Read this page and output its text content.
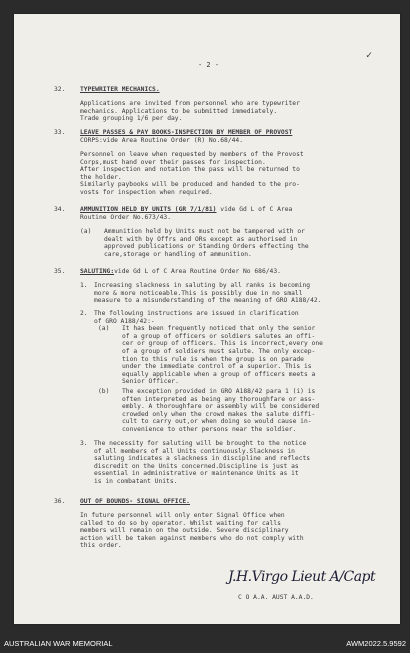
- 2 -
✓
32. TYPEWRITER MECHANICS.
Applications are invited from personnel who are typewriter
mechanics. Applications to be submitted immediately.
Trade grouping 1/6 per day.
33. LEAVE PASSES & PAY BOOKS-INSPECTION BY MEMBER OF PROVOST
CORPS:vide Area Routine Order (R) No.68/44.
Personnel on leave when requested by members of the Provost
Corps,must hand over their passes for inspection.
After inspection and notation the pass will be returned to
the holder.
Similarly paybooks will be produced and handed to the pro-
vosts for inspection when required.
34. AMMUNITION HELD BY UNITS (GR 7/1/81) vide Gd L of C Area
Routine Order No.673/43.
(a) Ammunition held by Units must not be tampered with or
dealt with by Offrs and ORs except as authorised in
approved publications or Standing Orders effecting the
care,storage or handling of ammunition.
35. SALUTING:vide Gd L of C Area Routine Order No 686/43.
1. Increasing slackness in saluting by all ranks is becoming
more & more noticeable.This is possibly due in no small
measure to a misunderstanding of the meaning of GRO A188/42.
2. The following instructions are issued in clarification
of GRO A188/42:-
(a) It has been frequently noticed that only the senior
of a group of officers or soldiers salutes an offi-
cer or group of officers. This is incorrect,every one
of a group of soldiers must salute. The only excep-
tion to this rule is when the group is on parade
under the immediate control of a superior. This is
equally applicable when a group of officers meets a
Senior Officer.
(b) The exception provided in GRO A188/42 para 1 (i) is
often interpreted as being any thoroughfare or ass-
embly. A thoroughfare or assembly will be considered
crowded only when the crowd makes the salute diffi-
cult to carry out,or when doing so would cause in-
convenience to other persons near the soldier.
3. The necessity for saluting will be brought to the notice
of all members of all Units continuously.Slackness in
saluting indicates a slackness in discipline and reflects
discredit on the Units concerned.Discipline is just as
essential in administrative or maintenance Units as it
is in combatant Units.
36. OUT OF BOUNDS- SIGNAL OFFICE.
In future personnel will only enter Signal Office when
called to do so by operator. Whilst waiting for calls
members will remain on the outside. Severe disciplinary
action will be taken against members who do not comply with
this order.
J.H.Virgo Lieut A/Capt
C O A.A. AUST A.A.D.
AUSTRALIAN WAR MEMORIAL	AWM2022.5.9592
